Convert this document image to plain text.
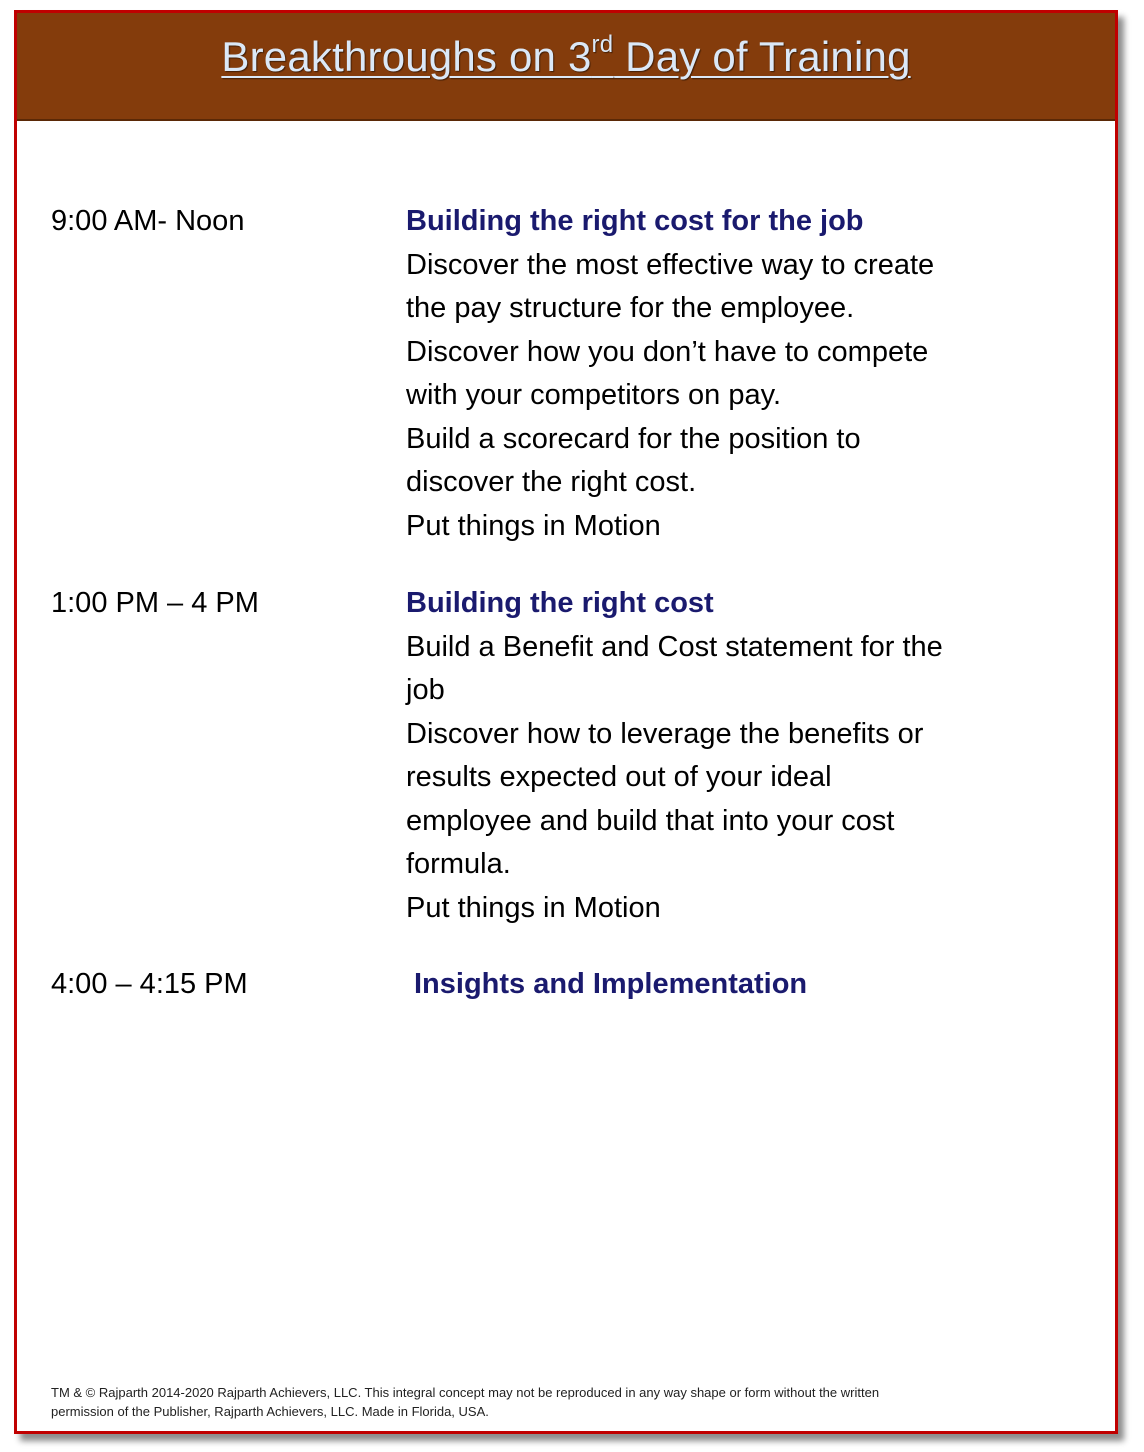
Breakthroughs on 3rd Day of Training
9:00 AM- Noon	Building the right cost for the job
Discover the most effective way to create
the pay structure for the employee.
Discover how you don’t have to compete
with your competitors on pay.
Build a scorecard for the position to
discover the right cost.
Put things in Motion
1:00 PM – 4 PM	Building the right cost
Build a Benefit and Cost statement for the
job
Discover how to leverage the benefits or
results expected out of your ideal
employee and build that into your cost
formula.
Put things in Motion
4:00 – 4:15 PM	Insights and Implementation
TM & © Rajparth 2014-2020 Rajparth Achievers, LLC. This integral concept may not be reproduced in any way shape or form without the written
permission of the Publisher, Rajparth Achievers, LLC. Made in Florida, USA.
